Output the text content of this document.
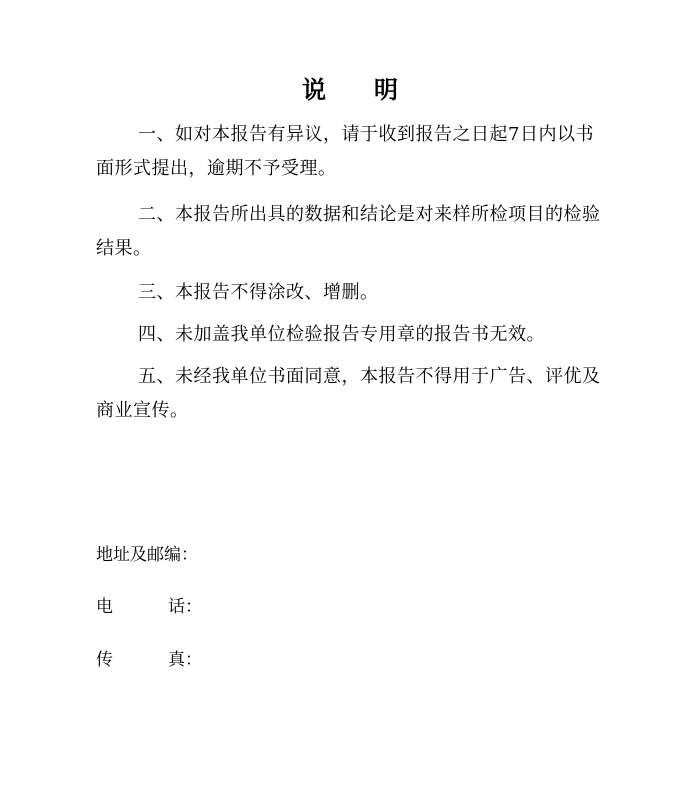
说 明
一、如对本报告有异议，请于收到报告之日起7日内以书面形式提出，逾期不予受理。
二、本报告所出具的数据和结论是对来样所检项目的检验结果。
三、本报告不得涂改、增删。
四、未加盖我单位检验报告专用章的报告书无效。
五、未经我单位书面同意，本报告不得用于广告、评优及商业宣传。
地址及邮编：
电	话：
传	真：
